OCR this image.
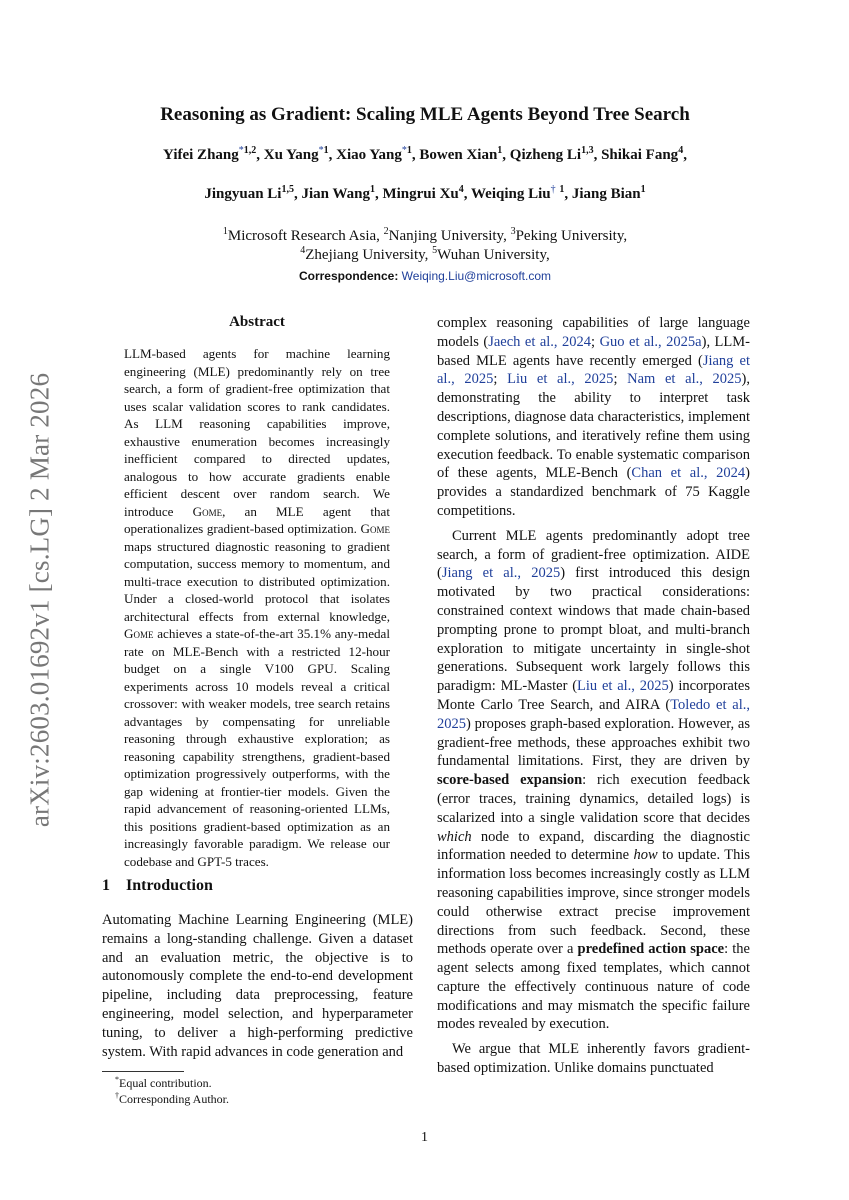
arXiv:2603.01692v1 [cs.LG] 2 Mar 2026
Reasoning as Gradient: Scaling MLE Agents Beyond Tree Search
Yifei Zhang$^{*1,2}$, Xu Yang$^{*1}$, Xiao Yang$^{*1}$, Bowen Xian$^1$, Qizheng Li$^{1,3}$, Shikai Fang$^4$,
Jingyuan Li$^{1,5}$, Jian Wang$^1$, Mingrui Xu$^4$, Weiqing Liu† $^1$, Jiang Bian$^1$
$^1$Microsoft Research Asia, $^2$Nanjing University, $^3$Peking University,
$^4$Zhejiang University, $^5$Wuhan University,
Correspondence: Weiqing.Liu@microsoft.com
Abstract
LLM-based agents for machine learning engineering (MLE) predominantly rely on tree search, a form of gradient-free optimization that uses scalar validation scores to rank candidates. As LLM reasoning capabilities improve, exhaustive enumeration becomes increasingly inefficient compared to directed updates, analogous to how accurate gradients enable efficient descent over random search. We introduce Gome, an MLE agent that operationalizes gradient-based optimization. Gome maps structured diagnostic reasoning to gradient computation, success memory to momentum, and multi-trace execution to distributed optimization. Under a closed-world protocol that isolates architectural effects from external knowledge, Gome achieves a state-of-the-art 35.1% any-medal rate on MLE-Bench with a restricted 12-hour budget on a single V100 GPU. Scaling experiments across 10 models reveal a critical crossover: with weaker models, tree search retains advantages by compensating for unreliable reasoning through exhaustive exploration; as reasoning capability strengthens, gradient-based optimization progressively outperforms, with the gap widening at frontier-tier models. Given the rapid advancement of reasoning-oriented LLMs, this positions gradient-based optimization as an increasingly favorable paradigm. We release our codebase and GPT-5 traces.
1 Introduction
Automating Machine Learning Engineering (MLE) remains a long-standing challenge. Given a dataset and an evaluation metric, the objective is to autonomously complete the end-to-end development pipeline, including data preprocessing, feature engineering, model selection, and hyperparameter tuning, to deliver a high-performing predictive system. With rapid advances in code generation and
*Equal contribution.
†Corresponding Author.

complex reasoning capabilities of large language models (Jaech et al., 2024; Guo et al., 2025a), LLM-based MLE agents have recently emerged (Jiang et al., 2025; Liu et al., 2025; Nam et al., 2025), demonstrating the ability to interpret task descriptions, diagnose data characteristics, implement complete solutions, and iteratively refine them using execution feedback. To enable systematic comparison of these agents, MLE-Bench (Chan et al., 2024) provides a standardized benchmark of 75 Kaggle competitions.

Current MLE agents predominantly adopt tree search, a form of gradient-free optimization. AIDE (Jiang et al., 2025) first introduced this design motivated by two practical considerations: constrained context windows that made chain-based prompting prone to prompt bloat, and multi-branch exploration to mitigate uncertainty in single-shot generations. Subsequent work largely follows this paradigm: ML-Master (Liu et al., 2025) incorporates Monte Carlo Tree Search, and AIRA (Toledo et al., 2025) proposes graph-based exploration. However, as gradient-free methods, these approaches exhibit two fundamental limitations. First, they are driven by score-based expansion: rich execution feedback (error traces, training dynamics, detailed logs) is scalarized into a single validation score that decides which node to expand, discarding the diagnostic information needed to determine how to update. This information loss becomes increasingly costly as LLM reasoning capabilities improve, since stronger models could otherwise extract precise improvement directions from such feedback. Second, these methods operate over a predefined action space: the agent selects among fixed templates, which cannot capture the effectively continuous nature of code modifications and may mismatch the specific failure modes revealed by execution.

We argue that MLE inherently favors gradient-based optimization. Unlike domains punctuated

1
